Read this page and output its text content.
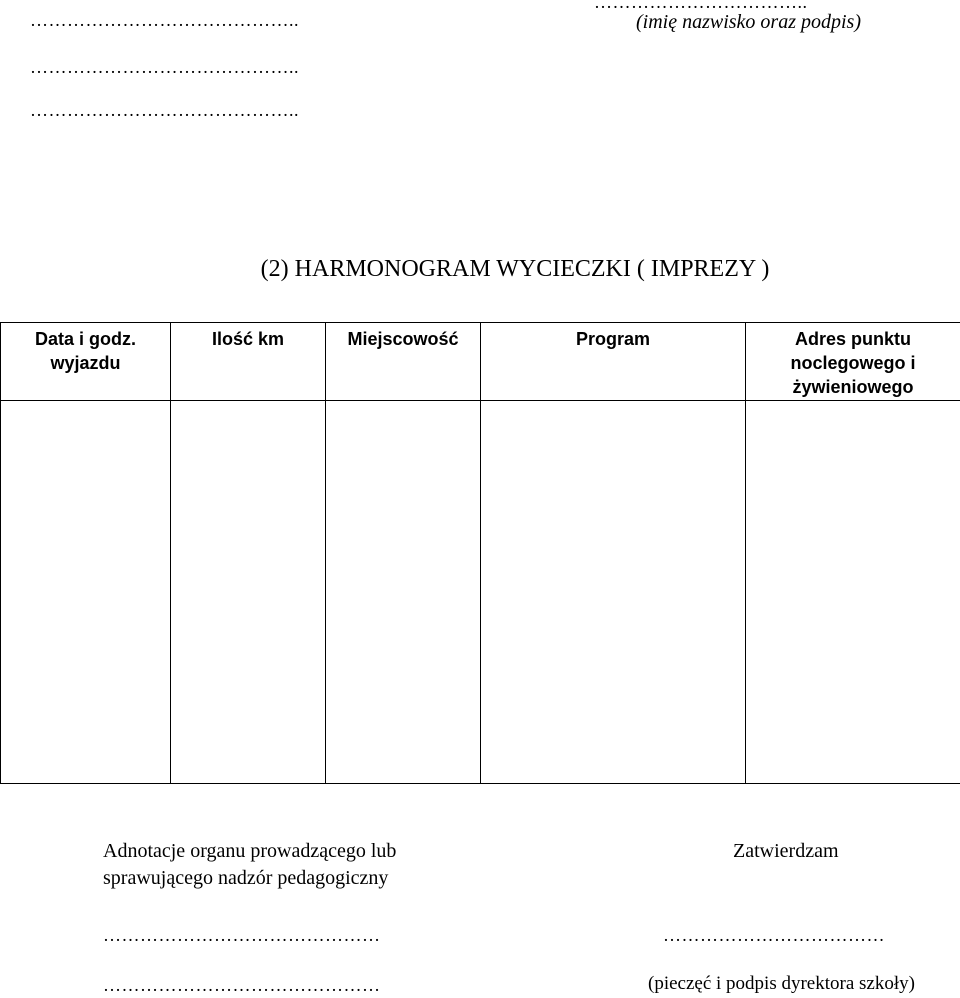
……………………………………..
……………………………..
(imię nazwisko oraz podpis)
……………………………………..
……………………………………..
(2) HARMONOGRAM WYCIECZKI ( IMPREZY )
Data i godz. wyjazdu	Ilość km	Miejscowość	Program	Adres punktu noclegowego i żywieniowego

Adnotacje organu prowadzącego lub
sprawującego nadzór pedagogiczny
………………………………………
………………………………………
Zatwierdzam
………………………………
(pieczęć i podpis dyrektora szkoły)
